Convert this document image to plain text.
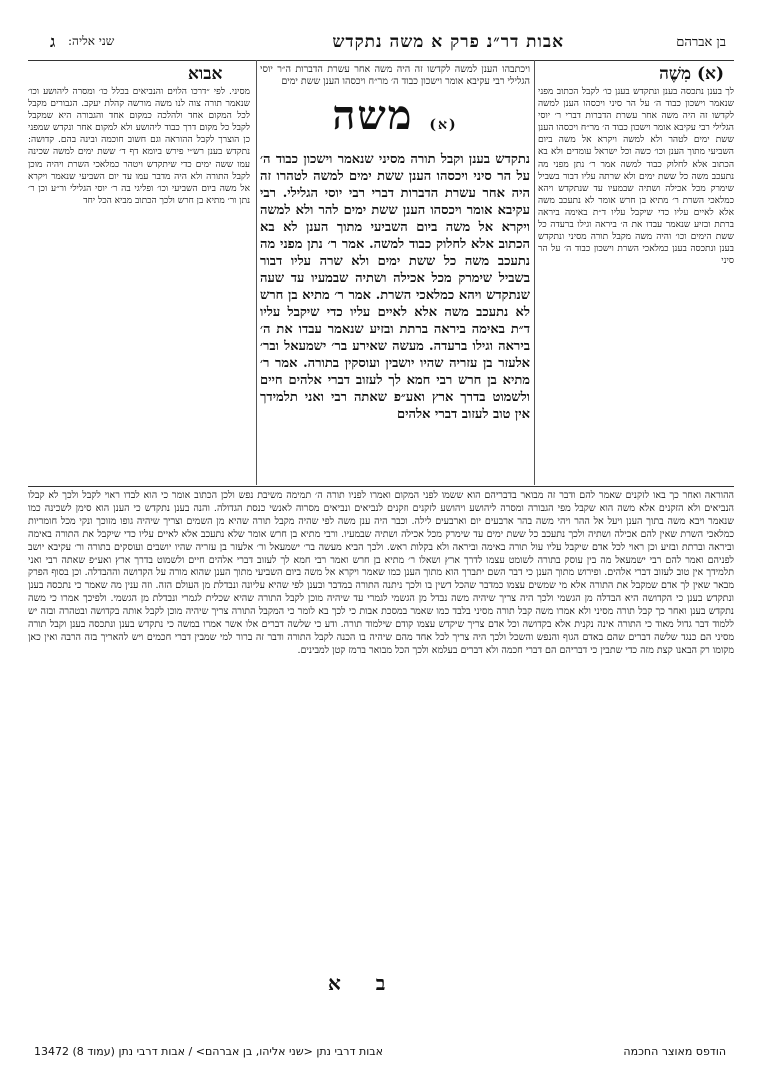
ג	אבות דר״נ פרק א משה נתקדש	בן אברהם
שני אליה:
(א) מִשֶׁה

לך בענן נתכסה בענן ונתקדש בענן כו׳ לקבל הכתוב מפני שנאמר וישכון כבוד ה׳ על הר סיני ויכסהו הענן למשה לקדשו זה היה משה אחר עשרת הדברות דברי ר׳ יוסי הגלילי רבי עקיבא אומר וישכון כבוד ה׳ מר״ח ויכסהו הענן ששת ימים לטהר ולא למשה ויקרא אל משה ביום השביעי מתוך הענן וכו׳ כשה וכל ישראל עומדים ולא בא הכתוב אלא לחלוק כבוד למשה אמר ר׳ נתן מפני מה נתעכב משה כל ששת ימים ולא שרתה עליו דבור בשביל שימרק מכל אכילה ושתיה שבמעיו עד שנתקדש ויהא כמלאכי השרת ר׳ מתיא בן חרש אומר לא נתעכב משה אלא לאיים עליו כדי שיקבל עליו ד״ת באימה ביראה ברתת ובזיע שנאמר עבדו את ה׳ ביראה וגילו ברעדה כל ששת הימים וכו׳ והיה משה מקבל תורה מסיני ונתקדש בענן ונתכסה בענן כמלאכי השרת וישכון כבוד ה׳ על הר סיני

אבוא

מסיני. לפי ״דרכו הלוים והנביאים בכלל כו׳ ומסרה ליהושע וכו׳ שנאמר תורה צוה לנו משה מורשה קהלת יעקב. הגבורים מקבל לכל המקום אחד ולהלכה כמקום אחד והגבורה היא שמקבל לקבל כל מקום דרך כבוד ליהושע ולא למקום אחר ונקדש שמפני כן הוצרך לקבל ההוראה וגם חשוב חוכמה ובינה בהם. קדושה: נתקדש בענן רש״י פירש ביומא דף ד׳ ששת ימים למשה שכינה עמו ששה ימים כדי שיתקדש ויטהר כמלאכי השרת ויהיה מוכן לקבל התורה ולא היה מדבר עמו עד יום השביעי שנאמר ויקרא אל משה ביום השביעי וכו׳ ופליגי בה ר׳ יוסי הגלילי ור״ע וכן ר׳ נתן ור׳ מתיא בן חרש ולכך הכתוב מביא הכל יחד

ויכתבהו הענן למשה לקדשו זה היה משה אחר עשרת הדברות ה״ר יוסי הגלילי רבי עקיבא אומר וישכון כבוד ה׳ מר״ח ויכסהו הענן ששת ימים
(א) משה
נתקדש בענן וקבל תורה מסיני שנאמר וישכון כבוד ה׳ על הר סיני ויכסהו הענן ששת ימים למשה לטהרו זה היה אחר עשרת הדברות דברי רבי יוסי הגלילי. רבי עקיבא אומר ויכסהו הענן ששת ימים להר ולא למשה ויקרא אל משה ביום השביעי מתוך הענן לא בא הכתוב אלא לחלוק כבוד למשה. אמר ר׳ נתן מפני מה נתעכב משה כל ששת ימים ולא שרה עליו דבור בשביל שימרק מכל אכילה ושתיה שבמעיו עד שעה שנתקדש ויהא כמלאכי השרת. אמר ר׳ מתיא בן חרש לא נתעכב משה אלא לאיים עליו כדי שיקבל עליו ד״ת באימה ביראה ברתת ובזיע שנאמר עבדו את ה׳ ביראה וגילו ברעדה. מעשה שאירע בר׳ ישמעאל ובר׳ אלעזר בן עזריה שהיו יושבין ועוסקין בתורה. אמר ר׳ מתיא בן חרש רבי חמא לך לעזוב דברי אלהים חיים ולשמוט בדרך ארץ ואע״פ שאתה רבי ואני תלמידך אין טוב לעזוב דברי אלהים
ההוראה ואחר כך באו לזקנים שאמר להם ודבר זה מבואר בדבריהם הוא ששמו לפני המקום ואמרו לפניו תורה ה׳ תמימה משיבת נפש ולכן הכתוב אומר כי הוא לבדו ראוי לקבל ולכך לא קבלו הנביאים ולא הזקנים אלא משה הוא שקבל מפי הגבורה ומסרה ליהושע ויהושע לזקנים וזקנים לנביאים ונביאים מסרוה לאנשי כנסת הגדולה. והנה בענן נתקדש כי הענן הוא סימן לשכינה כמו שנאמר ויבא משה בתוך הענן ויעל אל ההר ויהי משה בהר ארבעים יום וארבעים לילה. וכבר היה ענן משה לפי שהיה מקבל תורה שהיא מן השמים וצריך שיהיה גופו מזוכך ונקי מכל חומריות כמלאכי השרת שאין להם אכילה ושתיה ולכך נתעכב כל ששת ימים עד שימרק מכל אכילה ושתיה שבמעיו. ורבי מתיא בן חרש אומר שלא נתעכב אלא לאיים עליו כדי שיקבל את התורה באימה וביראה וברתת ובזיע וכן ראוי לכל אדם שיקבל עליו עול תורה באימה וביראה ולא בקלות ראש. ולכך הביא מעשה בר׳ ישמעאל ור׳ אלעזר בן עזריה שהיו יושבים ועוסקים בתורה ור׳ עקיבא יושב לפניהם ואמר להם רבי ישמעאל מה בין עוסק בתורה לשומט עצמו לדרך ארץ ושאלו ר׳ מתיא בן חרש ואמר רבי חמא לך לעזוב דברי אלהים חיים ולשמוט בדרך ארץ ואע״פ שאתה רבי ואני תלמידך אין טוב לעזוב דברי אלהים. ופירוש מתוך הענן כי דבר השם יתברך הוא מתוך הענן כמו שאמר ויקרא אל משה ביום השביעי מתוך הענן שהוא מורה על הקדושה וההבדלה. וכן בסוף הפרק מבאר שאין לך אדם שמקבל את התורה אלא מי שמשים עצמו כמדבר שהכל דשין בו ולכך ניתנה התורה במדבר ובענן לפי שהיא עליונה ונבדלת מן העולם הזה. וזה ענין מה שאמר כי נתכסה בענן ונתקדש בענן כי הקדושה היא הבדלה מן הגשמי ולכך היה צריך שיהיה משה נבדל מן הגשמי לגמרי עד שיהיה מוכן לקבל התורה שהיא שכלית לגמרי ונבדלת מן הגשמי. ולפיכך אמרו כי משה נתקדש בענן ואחר כך קבל תורה מסיני ולא אמרו משה קבל תורה מסיני בלבד כמו שאמר במסכת אבות כי לכך בא לומר כי המקבל התורה צריך שיהיה מוכן לקבל אותה בקדושה ובטהרה ובזה יש ללמוד דבר גדול מאוד כי התורה אינה נקנית אלא בקדושה וכל אדם צריך שיקדש עצמו קודם שילמוד תורה. ודע כי שלשה דברים אלו אשר אמרו במשה כי נתקדש בענן ונתכסה בענן וקבל תורה מסיני הם כנגד שלשה דברים שהם באדם הגוף והנפש והשכל ולכך היה צריך לכל אחד מהם שיהיה בו הכנה לקבל התורה ודבר זה ברור למי שמבין דברי חכמים ויש להאריך בזה הרבה ואין כאן מקומו רק הבאנו קצת מזה כדי שתבין כי דבריהם הם דברי חכמה ולא דברים בעלמא ולכך הכל מבואר ברמז קטן למבינים.
ב א
אבות דרבי נתן <שני אליהו, בן אברהם> / אבות דרבי נתן (עמוד 8) 13472	הודפס מאוצר החכמה
